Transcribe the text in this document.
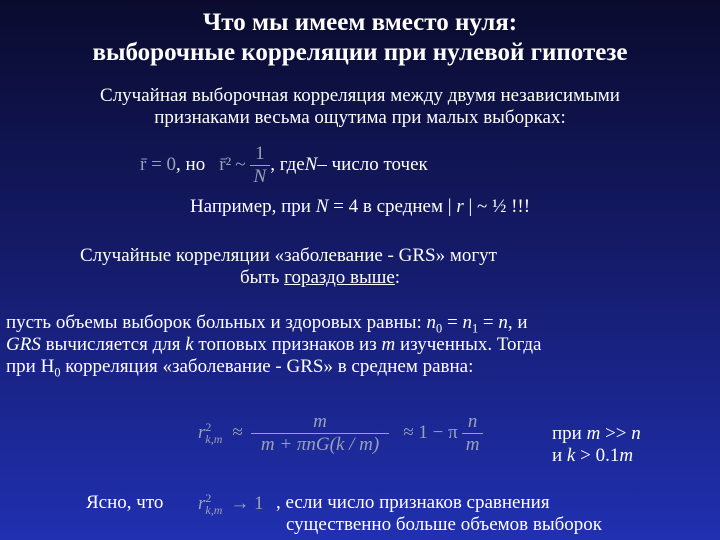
Что мы имеем вместо нуля:
выборочные корреляции при нулевой гипотезе
Случайная выборочная корреляция между двумя независимыми
признаками весьма ощутима при малых выборках:
r̄ = 0 , но r̄² ~ $\frac{1}{N}$ , где N – число точек
Например, при N = 4 в среднем | r | ~ ½ !!!
Случайные корреляции «заболевание - GRS» могут
быть гораздо выше:
пусть объемы выборок больных и здоровых равны: $n_0 = n_1 = n$, и
GRS вычисляется для k топовых признаков из m изученных. Тогда
при $H_0$ корреляция «заболевание - GRS» в среднем равна:
r 2
$k,m \approx \frac{m}{\text{m + πnG(k / m)}} \approx 1 - \pi \frac{n}{m}$	при m >> n
и k > 0.1m
Ясно, что r 2
k,m → 1 , если число признаков сравнения
существенно больше объемов выборок
